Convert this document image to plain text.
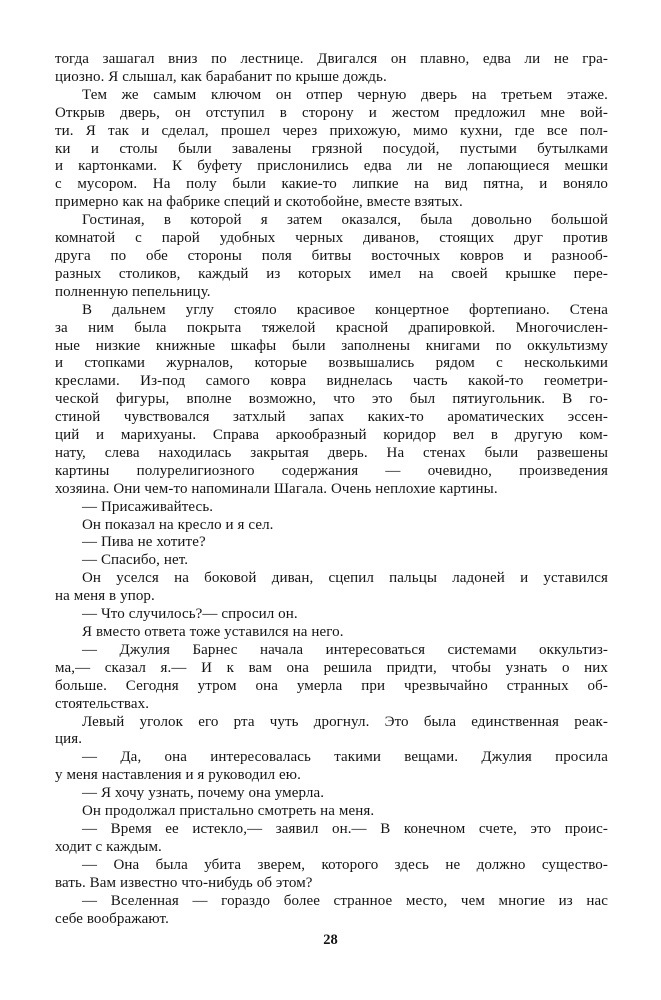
тогда зашагал вниз по лестнице. Двигался он плавно, едва ли не гра-
циозно. Я слышал, как барабанит по крыше дождь.
Тем же самым ключом он отпер черную дверь на третьем этаже.
Открыв дверь, он отступил в сторону и жестом предложил мне вой-
ти. Я так и сделал, прошел через прихожую, мимо кухни, где все пол-
ки и столы были завалены грязной посудой, пустыми бутылками
и картонками. К буфету прислонились едва ли не лопающиеся мешки
с мусором. На полу были какие-то липкие на вид пятна, и воняло
примерно как на фабрике специй и скотобойне, вместе взятых.
Гостиная, в которой я затем оказался, была довольно большой
комнатой с парой удобных черных диванов, стоящих друг против
друга по обе стороны поля битвы восточных ковров и разнооб-
разных столиков, каждый из которых имел на своей крышке пере-
полненную пепельницу.
В дальнем углу стояло красивое концертное фортепиано. Стена
за ним была покрыта тяжелой красной драпировкой. Многочислен-
ные низкие книжные шкафы были заполнены книгами по оккультизму
и стопками журналов, которые возвышались рядом с несколькими
креслами. Из-под самого ковра виднелась часть какой-то геометри-
ческой фигуры, вполне возможно, что это был пятиугольник. В го-
стиной чувствовался затхлый запах каких-то ароматических эссен-
ций и марихуаны. Справа аркообразный коридор вел в другую ком-
нату, слева находилась закрытая дверь. На стенах были развешены
картины полурелигиозного содержания — очевидно, произведения
хозяина. Они чем-то напоминали Шагала. Очень неплохие картины.
— Присаживайтесь.
Он показал на кресло и я сел.
— Пива не хотите?
— Спасибо, нет.
Он уселся на боковой диван, сцепил пальцы ладоней и уставился
на меня в упор.
— Что случилось?— спросил он.
Я вместо ответа тоже уставился на него.
— Джулия Барнес начала интересоваться системами оккультиз-
ма,— сказал я.— И к вам она решила придти, чтобы узнать о них
больше. Сегодня утром она умерла при чрезвычайно странных об-
стоятельствах.
Левый уголок его рта чуть дрогнул. Это была единственная реак-
ция.
— Да, она интересовалась такими вещами. Джулия просила
у меня наставления и я руководил ею.
— Я хочу узнать, почему она умерла.
Он продолжал пристально смотреть на меня.
— Время ее истекло,— заявил он.— В конечном счете, это проис-
ходит с каждым.
— Она была убита зверем, которого здесь не должно существо-
вать. Вам известно что-нибудь об этом?
— Вселенная — гораздо более странное место, чем многие из нас
себе воображают.
28
